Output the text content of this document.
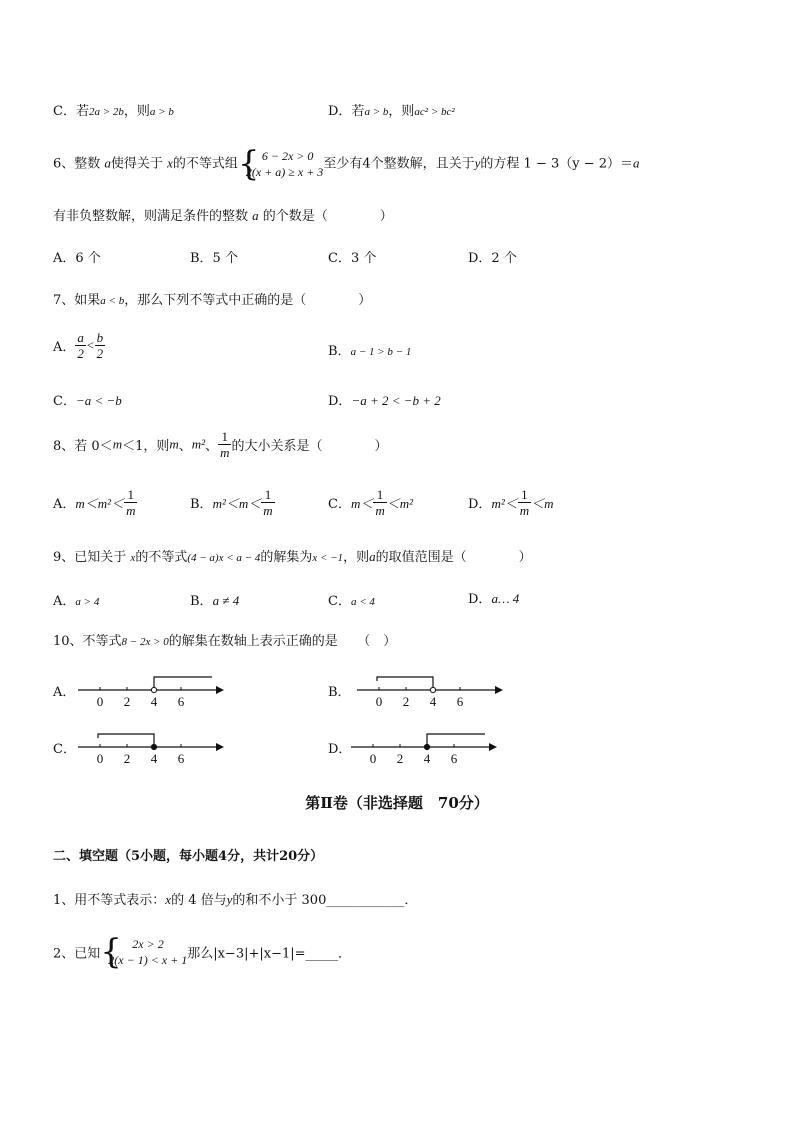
C．若2a > 2b，则a > b	D．若a > b，则ac² > bc²
6、整数 a使得关于 x的不等式组 { 6 − 2x > 0
2(x + a) ≥ x + 3
至少有4个整数解，且关于y的方程 1 − 3（y − 2）＝a
有非负整数解，则满足条件的整数 a 的个数是（　　　　）
A．6 个	B．5 个	C．3 个	D．2 个
7、如果a < b，那么下列不等式中正确的是（　　　　）
A． $\frac{a}{2} < \frac{b}{2}$	B．a − 1 > b − 1
C．−a < −b	D．−a + 2 < −b + 2
8、若 0＜m＜1，则m、m²、 $\frac{1}{m}$ 的大小关系是（　　　　）
A．$m<m^2< \frac{1}{m}$	B．$m^2<m< \frac{1}{m}$	C．$m< \frac{1}{m} <m^2$	D．$m^2< \frac{1}{m} <m$
9、已知关于 x的不等式(4 − a)x < a − 4的解集为x < −1，则a的取值范围是（　　　　）
A．a > 4	B．a ≠ 4	C．a < 4	D．a… 4
10、不等式8 − 2x > 0的解集在数轴上表示正确的是　　（　）
A．
0 2 4 6
B．
0 2 4 6
C．
0 2 4 6
D．
0 2 4 6
第Ⅱ卷（非选择题　70分）
二、填空题（5小题，每小题4分，共计20分）
1、用不等式表示：x的 4 倍与y的和不小于 300____________．
2、已知 { 2x > 2
2(x − 1) < x + 1 那么|x−3|+|x−1|=_____．
